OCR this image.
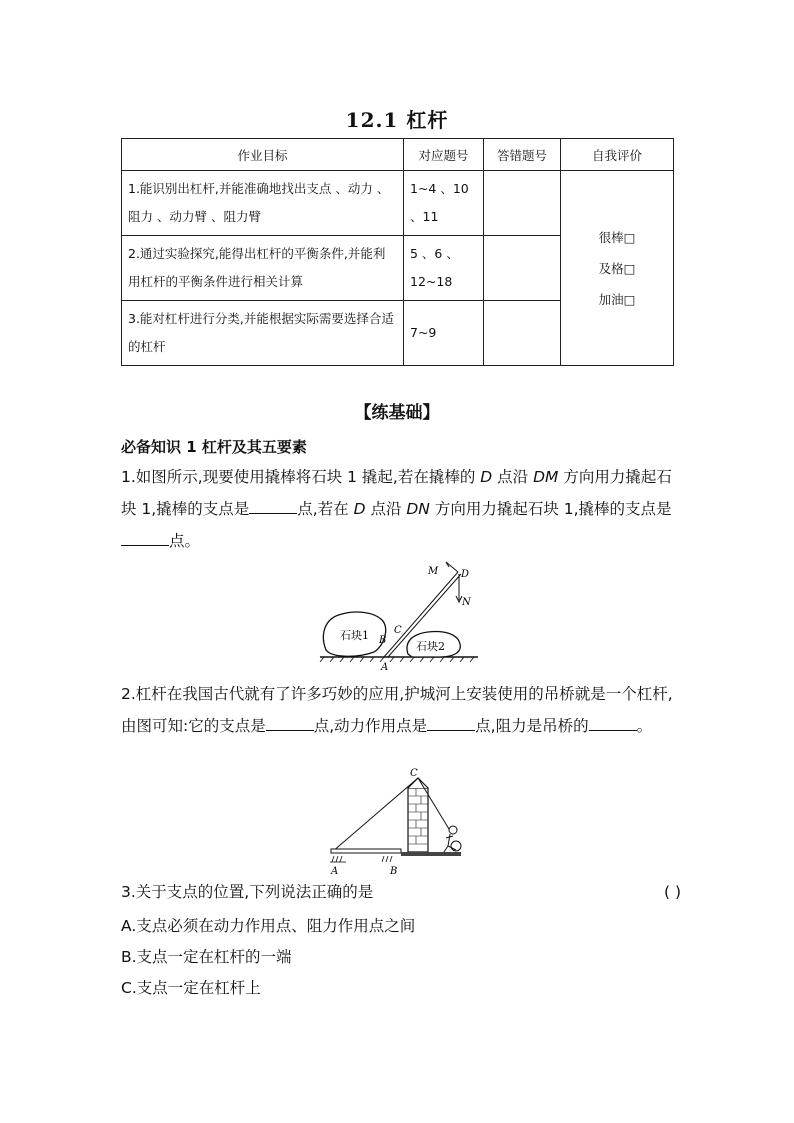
12.1 杠杆
作业目标	对应题号	答错题号	自我评价
1.能识别出杠杆,并能准确地找出支点 、动力 、阻力 、动力臂 、阻力臂	1~4 、10 、11		很棒□
及格□
加油□

2.通过实验探究,能得出杠杆的平衡条件,并能利用杠杆的平衡条件进行相关计算	5 、6 、12~18		
3.能对杠杆进行分类,并能根据实际需要选择合适的杠杆	7~9		
【练基础】
必备知识 1 杠杆及其五要素
1.如图所示,现要使用撬棒将石块 1 撬起,若在撬棒的 D 点沿 DM 方向用力撬起石块 1,撬棒的支点是	点,若在 D 点沿 DN 方向用力撬起石块 1,撬棒的支点是
点。
石块1
石块2
A
B
C
D
M
N
2.杠杆在我国古代就有了许多巧妙的应用,护城河上安装使用的吊桥就是一个杠杆,由图可知:它的支点是	点,动力作用点是	点,阻力是吊桥的	。
A	B
C
3.关于支点的位置,下列说法正确的是	( )
A.支点必须在动力作用点、阻力作用点之间
B.支点一定在杠杆的一端
C.支点一定在杠杆上
